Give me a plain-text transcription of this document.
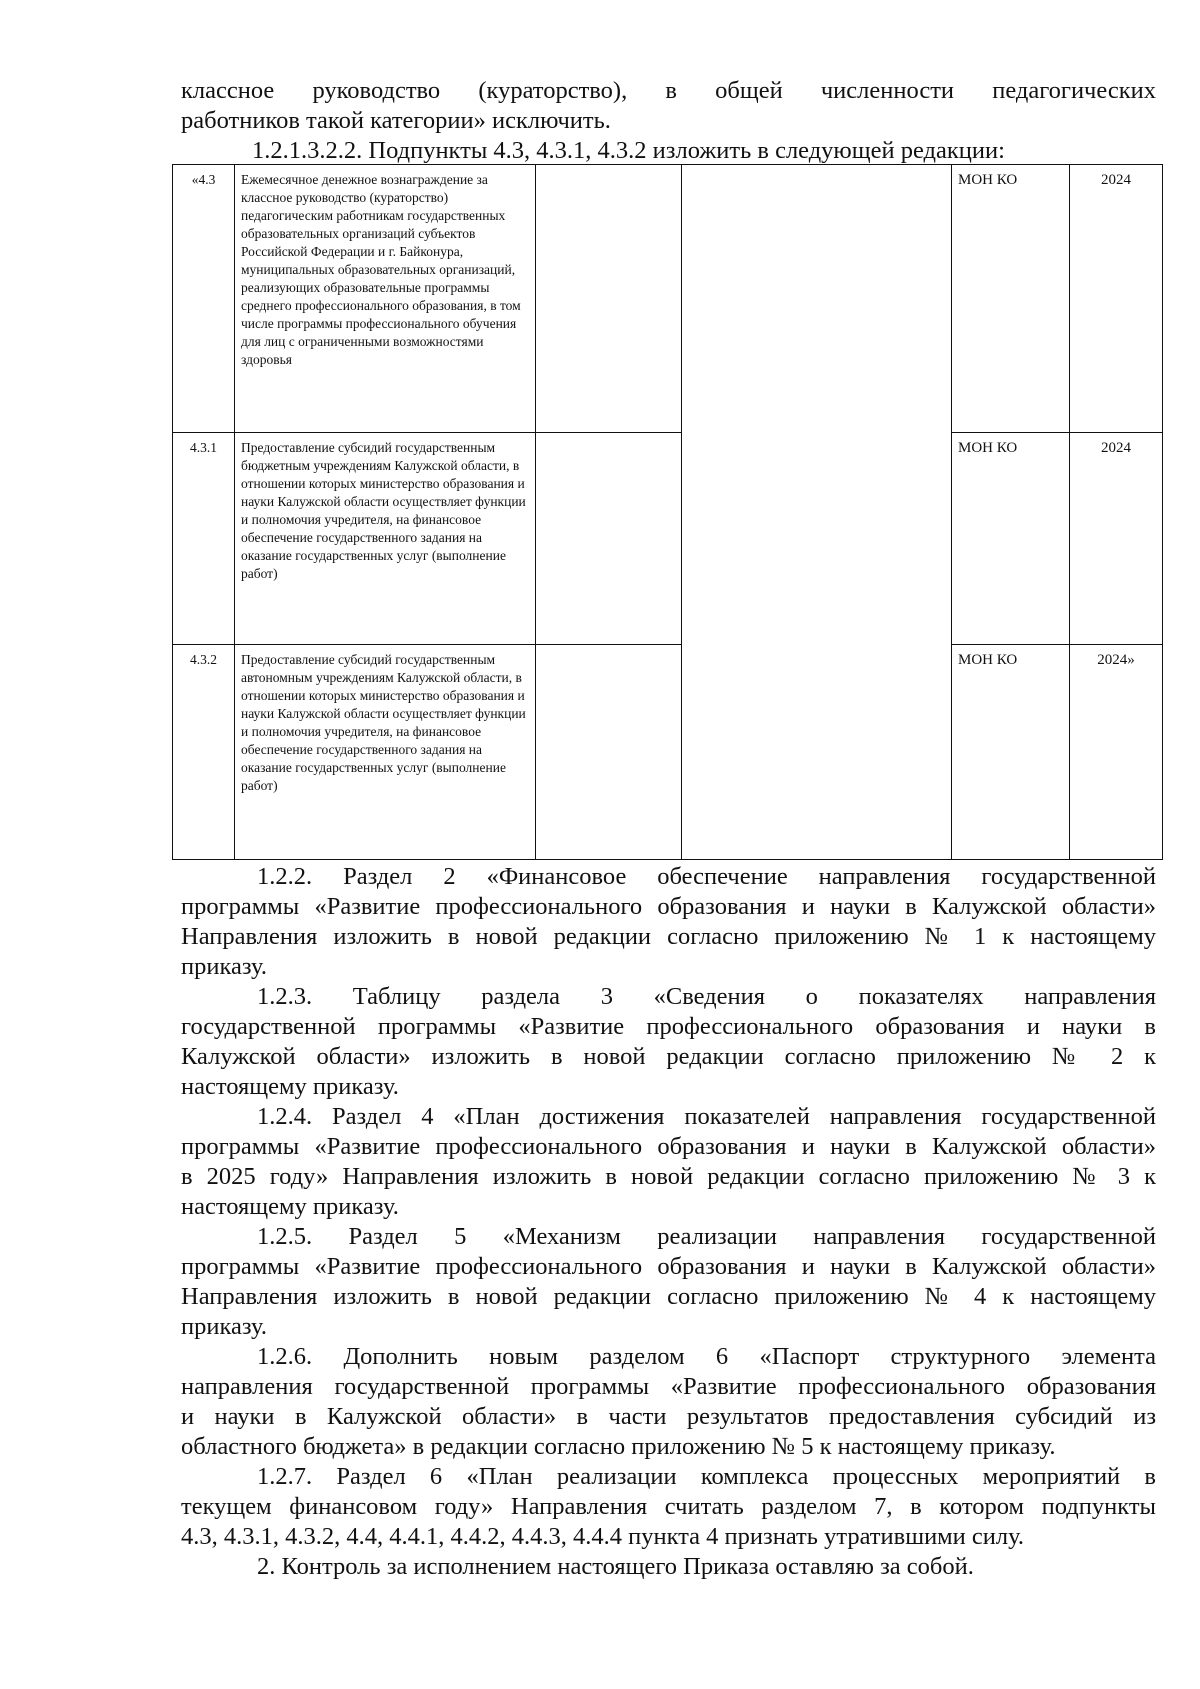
классное руководство (кураторство), в общей численности педагогических

работников такой категории» исключить.

1.2.1.3.2.2. Подпункты 4.3, 4.3.1, 4.3.2 изложить в следующей редакции:
«4.3	Ежемесячное денежное вознаграждение за классное руководство (кураторство) педагогическим работникам государственных образовательных организаций субъектов Российской Федерации и г. Байконура, муниципальных образовательных организаций, реализующих образовательные программы среднего профессионального образования, в том числе программы профессионального обучения для лиц с ограниченными возможностями здоровья			МОН КО	2024
4.3.1	Предоставление субсидий государственным бюджетным учреждениям Калужской области, в отношении которых министерство образования и науки Калужской области осуществляет функции и полномочия учредителя, на финансовое обеспечение государственного задания на оказание государственных услуг (выполнение работ)			МОН КО	2024
4.3.2	Предоставление субсидий государственным автономным учреждениям Калужской области, в отношении которых министерство образования и науки Калужской области осуществляет функции и полномочия учредителя, на финансовое обеспечение государственного задания на оказание государственных услуг (выполнение работ)			МОН КО	2024»

1.2.2. Раздел 2 «Финансовое обеспечение направления государственной

программы «Развитие профессионального образования и науки в Калужской области»

Направления изложить в новой редакции согласно приложению № 1 к настоящему

приказу.

1.2.3. Таблицу раздела 3 «Сведения о показателях направления

государственной программы «Развитие профессионального образования и науки в

Калужской области» изложить в новой редакции согласно приложению № 2 к

настоящему приказу.

1.2.4. Раздел 4 «План достижения показателей направления государственной

программы «Развитие профессионального образования и науки в Калужской области»

в 2025 году» Направления изложить в новой редакции согласно приложению № 3 к

настоящему приказу.

1.2.5. Раздел 5 «Механизм реализации направления государственной

программы «Развитие профессионального образования и науки в Калужской области»

Направления изложить в новой редакции согласно приложению № 4 к настоящему

приказу.

1.2.6. Дополнить новым разделом 6 «Паспорт структурного элемента

направления государственной программы «Развитие профессионального образования

и науки в Калужской области» в части результатов предоставления субсидий из

областного бюджета» в редакции согласно приложению № 5 к настоящему приказу.

1.2.7. Раздел 6 «План реализации комплекса процессных мероприятий в

текущем финансовом году» Направления считать разделом 7, в котором подпункты

4.3, 4.3.1, 4.3.2, 4.4, 4.4.1, 4.4.2, 4.4.3, 4.4.4 пункта 4 признать утратившими силу.

2. Контроль за исполнением настоящего Приказа оставляю за собой.
